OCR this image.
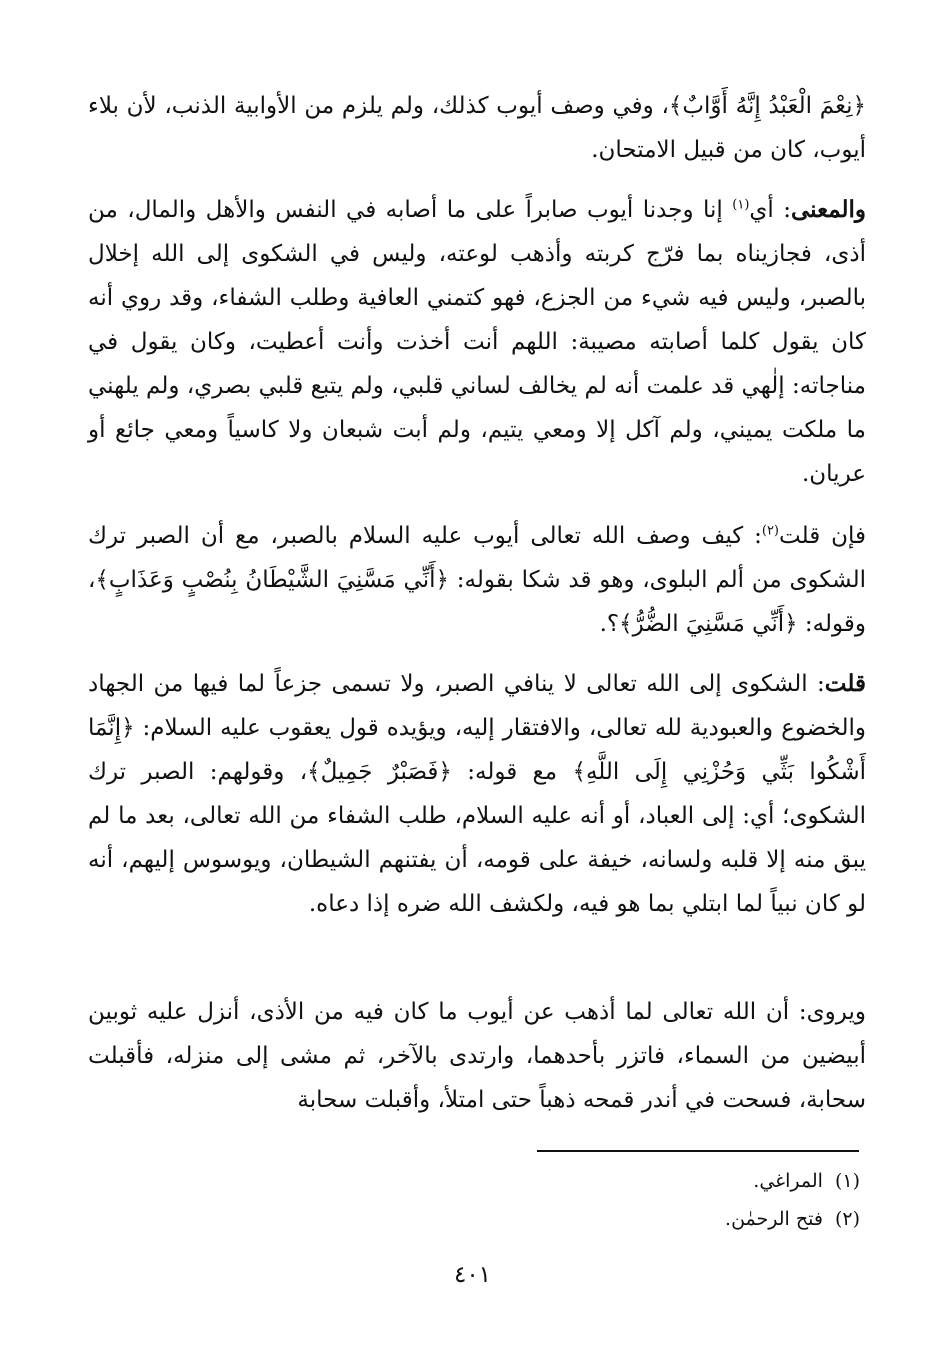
﴿نِعْمَ الْعَبْدُ إِنَّهُ أَوَّابٌ﴾، وفي وصف أيوب كذلك، ولم يلزم من الأوابية الذنب، لأن بلاء أيوب، كان من قبيل الامتحان.

والمعنى: أي$^{(١)}$ إنا وجدنا أيوب صابراً على ما أصابه في النفس والأهل والمال، من أذى، فجازيناه بما فرّج كربته وأذهب لوعته، وليس في الشكوى إلى الله إخلال بالصبر، وليس فيه شيء من الجزع، فهو كتمني العافية وطلب الشفاء، وقد روي أنه كان يقول كلما أصابته مصيبة: اللهم أنت أخذت وأنت أعطيت، وكان يقول في مناجاته: إلٰهي قد علمت أنه لم يخالف لساني قلبي، ولم يتبع قلبي بصري، ولم يلهني ما ملكت يميني، ولم آكل إلا ومعي يتيم، ولم أبت شبعان ولا كاسياً ومعي جائع أو عريان.

فإن قلت$^{(٢)}$: كيف وصف الله تعالى أيوب عليه السلام بالصبر، مع أن الصبر ترك الشكوى من ألم البلوى، وهو قد شكا بقوله: ﴿أَنِّي مَسَّنِيَ الشَّيْطَانُ بِنُصْبٍ وَعَذَابٍ﴾، وقوله: ﴿أَنِّي مَسَّنِيَ الضُّرُّ﴾؟.

قلت: الشكوى إلى الله تعالى لا ينافي الصبر، ولا تسمى جزعاً لما فيها من الجهاد والخضوع والعبودية لله تعالى، والافتقار إليه، ويؤيده قول يعقوب عليه السلام: ﴿إِنَّمَا أَشْكُوا بَثِّي وَحُزْنِي إِلَى اللَّهِ﴾ مع قوله: ﴿فَصَبْرٌ جَمِيلٌ﴾، وقولهم: الصبر ترك الشكوى؛ أي: إلى العباد، أو أنه عليه السلام، طلب الشفاء من الله تعالى، بعد ما لم يبق منه إلا قلبه ولسانه، خيفة على قومه، أن يفتنهم الشيطان، ويوسوس إليهم، أنه لو كان نبياً لما ابتلي بما هو فيه، ولكشف الله ضره إذا دعاه.

ويروى: أن الله تعالى لما أذهب عن أيوب ما كان فيه من الأذى، أنزل عليه ثوبين أبيضين من السماء، فاتزر بأحدهما، وارتدى بالآخر، ثم مشى إلى منزله، فأقبلت سحابة، فسحت في أندر قمحه ذهباً حتى امتلأ، وأقبلت سحابة

(١)المراغي.

(٢)فتح الرحمٰن.

٤٠١
